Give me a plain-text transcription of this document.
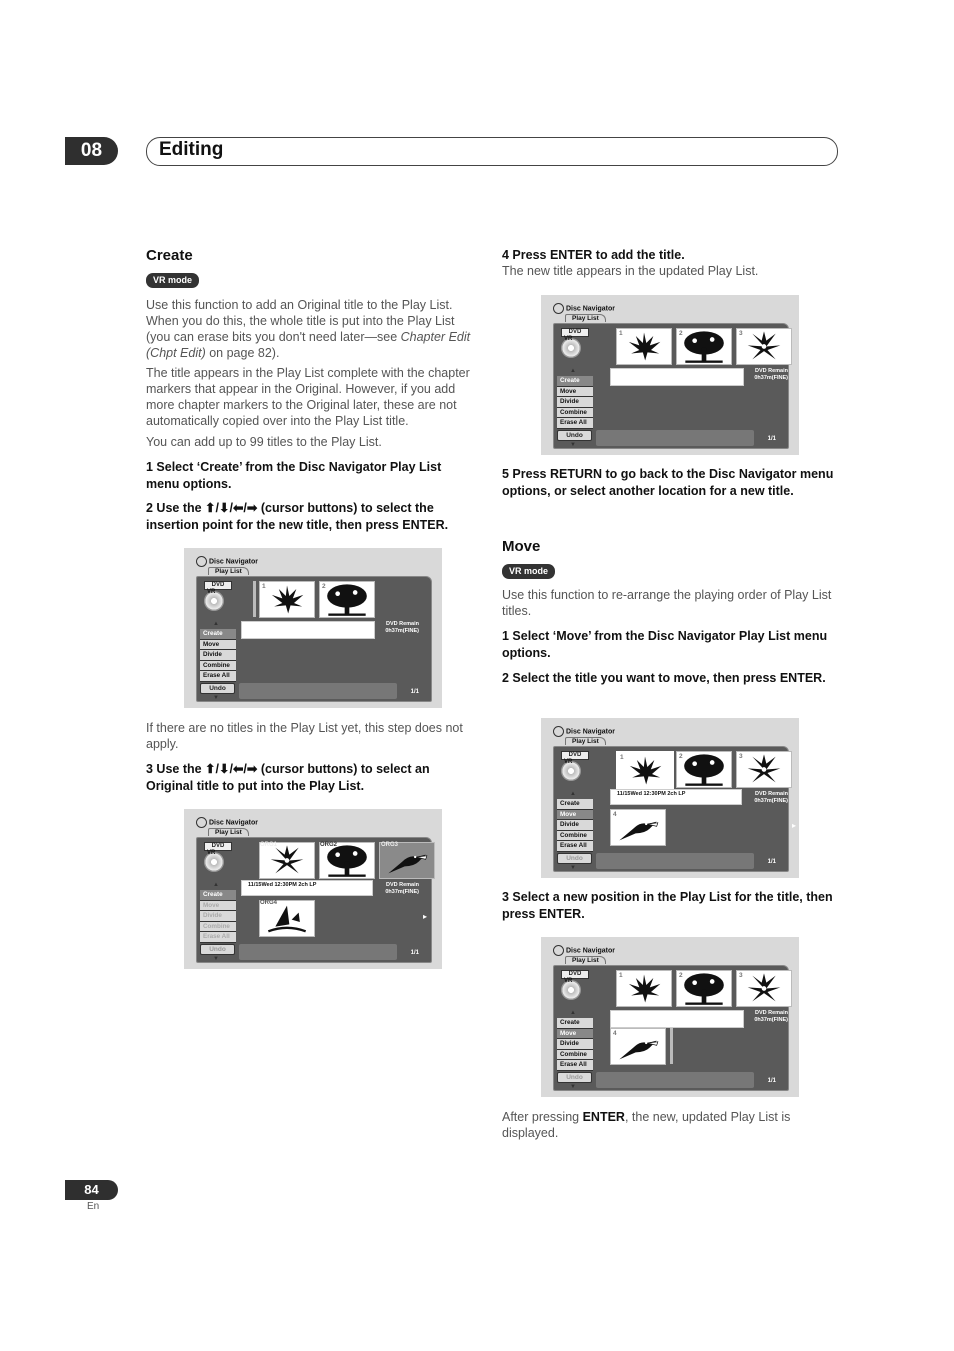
08	Editing
Create
VR mode
Use this function to add an Original title to the Play List. When you do this, the whole title is put into the Play List (you can erase bits you don't need later—see Chapter Edit (Chpt Edit) on page 82).
The title appears in the Play List complete with the chapter markers that appear in the Original. However, if you add more chapter markers to the Original later, these are not automatically copied over into the Play List title.
You can add up to 99 titles to the Play List.
1 Select ‘Create’ from the Disc Navigator Play List menu options.
2 Use the ⬆/⬇/⬅/➡ (cursor buttons) to select the insertion point for the new title, then press ENTER.
Disc Navigator
Play List
DVD
VR
▲
Create
Move
Divide
Combine
Erase All
Undo
▼
1	2
DVD Remain
0h37m(FINE)
1/1
If there are no titles in the Play List yet, this step does not apply.
3 Use the ⬆/⬇/⬅/➡ (cursor buttons) to select an Original title to put into the Play List.
Disc Navigator
Play List
DVD
VR
▲
Create
Move
Divide
Combine
Erase All
Undo
▼
ORG1	ORG2	ORG3
11/15Wed 12:30PM 2ch LP	DVD Remain
0h37m(FINE)
ORG4
▸
1/1
4 Press ENTER to add the title.
The new title appears in the updated Play List.
Disc Navigator
Play List
DVD
VR
▲
Create
Move
Divide
Combine
Erase All
Undo
▼
1	2	3
DVD Remain
0h37m(FINE)
1/1
5 Press RETURN to go back to the Disc Navigator menu options, or select another location for a new title.
Move
VR mode
Use this function to re-arrange the playing order of Play List titles.
1 Select ‘Move’ from the Disc Navigator Play List menu options.
2 Select the title you want to move, then press ENTER.
Disc Navigator
Play List
DVD
VR
▲
Create
Move
Divide
Combine
Erase All
Undo
▼
1	2	3
11/15Wed 12:30PM 2ch LP	DVD Remain
0h37m(FINE)
4
▸
1/1
3 Select a new position in the Play List for the title, then press ENTER.
Disc Navigator
Play List
DVD
VR
▲
Create
Move
Divide
Combine
Erase All
Undo
▼
1	2	3
DVD Remain
0h37m(FINE)
4
1/1
After pressing ENTER, the new, updated Play List is displayed.
84
En
